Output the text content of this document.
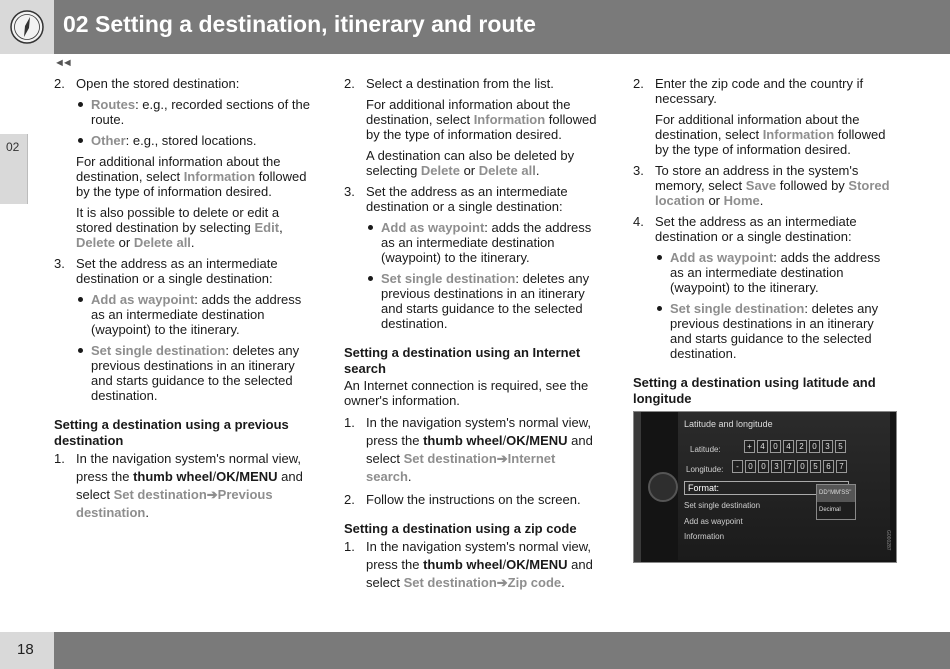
02 Setting a destination, itinerary and route
◄◄
02
2. Open the stored destination:
Routes: e.g., recorded sections of the route.
Other: e.g., stored locations.

For additional information about the destination, select Information followed by the type of information desired.

It is also possible to delete or edit a stored destination by selecting Edit, Delete or Delete all.

3. Set the address as an intermediate destination or a single destination:
Add as waypoint: adds the address as an intermediate destination (waypoint) to the itinerary.
Set single destination: deletes any previous destinations in an itinerary and starts guidance to the selected destination.
Setting a destination using a previous destination
1. In the navigation system's normal view, press the thumb wheel/OK/MENU and select Set destination➔Previous destination.
2. Select a destination from the list.

For additional information about the destination, select Information followed by the type of information desired.

A destination can also be deleted by selecting Delete or Delete all.

3. Set the address as an intermediate destination or a single destination:
Add as waypoint: adds the address as an intermediate destination (waypoint) to the itinerary.
Set single destination: deletes any previous destinations in an itinerary and starts guidance to the selected destination.
Setting a destination using an Internet search

An Internet connection is required, see the owner's information.

1. In the navigation system's normal view, press the thumb wheel/OK/MENU and select Set destination➔Internet search.
2. Follow the instructions on the screen.
Setting a destination using a zip code
1. In the navigation system's normal view, press the thumb wheel/OK/MENU and select Set destination➔Zip code.
2. Enter the zip code and the country if necessary.

For additional information about the destination, select Information followed by the type of information desired.

3. To store an address in the system's memory, select Save followed by Stored location or Home.
4. Set the address as an intermediate destination or a single destination:
Add as waypoint: adds the address as an intermediate destination (waypoint) to the itinerary.
Set single destination: deletes any previous destinations in an itinerary and starts guidance to the selected destination.
Setting a destination using latitude and longitude
Latitude and longitude
Latitude:	+	4	0	4	2	0	3	5
Longitude:	-	0	0	3	7	0	5	6	7
Format:	DD°MM'SS"
Decimal
Set single destination
Add as waypoint
Information	G000287
18
